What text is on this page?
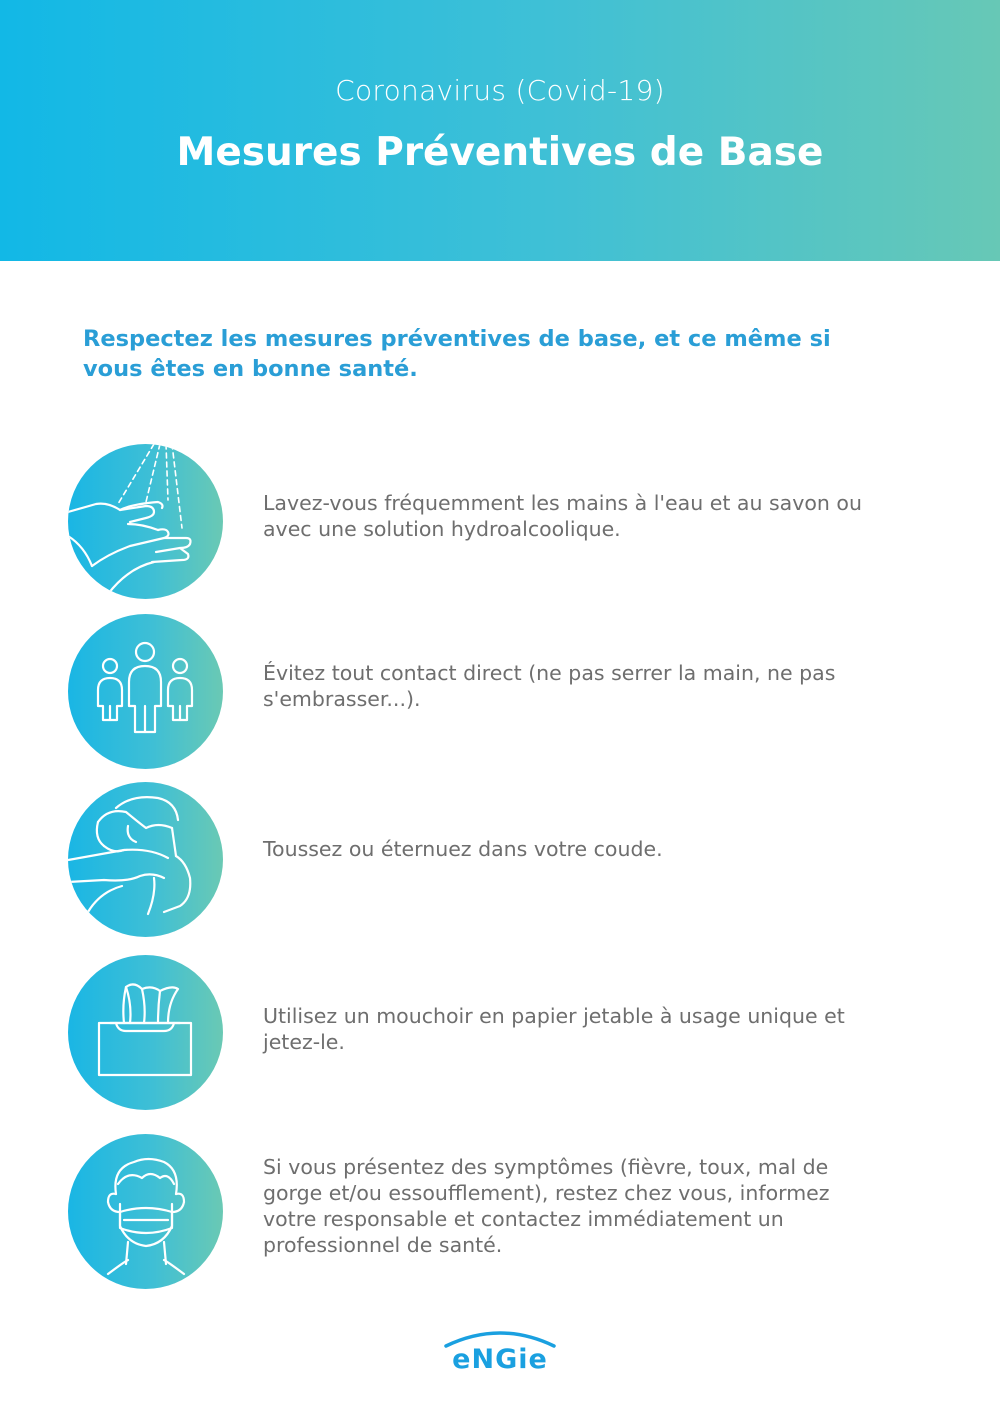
Coronavirus (Covid-19)
Mesures Préventives de Base
Respectez les mesures préventives de base, et ce même si vous êtes en bonne santé.
Lavez-vous fréquemment les mains à l'eau et au savon ou avec une solution hydroalcoolique.
Évitez tout contact direct (ne pas serrer la main, ne pas s'embrasser...).
Toussez ou éternuez dans votre coude.
Utilisez un mouchoir en papier jetable à usage unique et jetez-le.
Si vous présentez des symptômes (fièvre, toux, mal de gorge et/ou essoufflement), restez chez vous, informez votre responsable et contactez immédiatement un professionnel de santé.
eNGie
